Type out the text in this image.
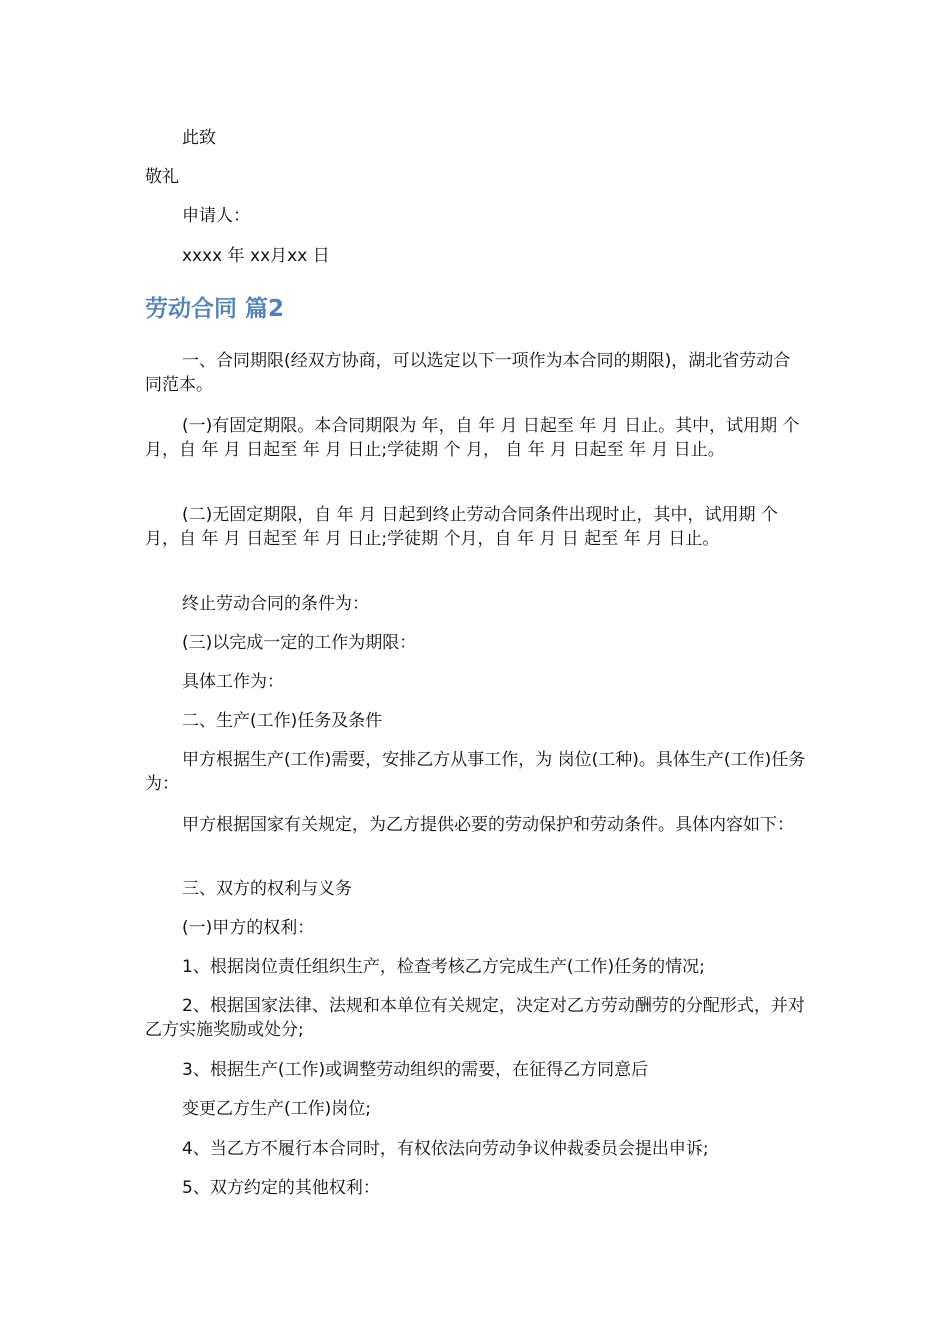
此致
敬礼
申请人：
xxxx 年 xx月xx 日
劳动合同 篇2
一、合同期限(经双方协商，可以选定以下一项作为本合同的期限)，湖北省劳动合同范本。
(一)有固定期限。本合同期限为 年，自 年 月 日起至 年 月 日止。其中，试用期 个月，自 年 月 日起至 年 月 日止;学徒期 个 月， 自 年 月 日起至 年 月 日止。
(二)无固定期限，自 年 月 日起到终止劳动合同条件出现时止，其中，试用期 个月，自 年 月 日起至 年 月 日止;学徒期 个月，自 年 月 日 起至 年 月 日止。
终止劳动合同的条件为：
(三)以完成一定的工作为期限：
具体工作为：
二、生产(工作)任务及条件
甲方根据生产(工作)需要，安排乙方从事工作，为 岗位(工种)。具体生产(工作)任务为：
甲方根据国家有关规定，为乙方提供必要的劳动保护和劳动条件。具体内容如下：
三、双方的权利与义务
(一)甲方的权利：
1、根据岗位责任组织生产，检查考核乙方完成生产(工作)任务的情况;
2、根据国家法律、法规和本单位有关规定，决定对乙方劳动酬劳的分配形式，并对乙方实施奖励或处分;
3、根据生产(工作)或调整劳动组织的需要，在征得乙方同意后
变更乙方生产(工作)岗位;
4、当乙方不履行本合同时，有权依法向劳动争议仲裁委员会提出申诉;
5、双方约定的其他权利：
